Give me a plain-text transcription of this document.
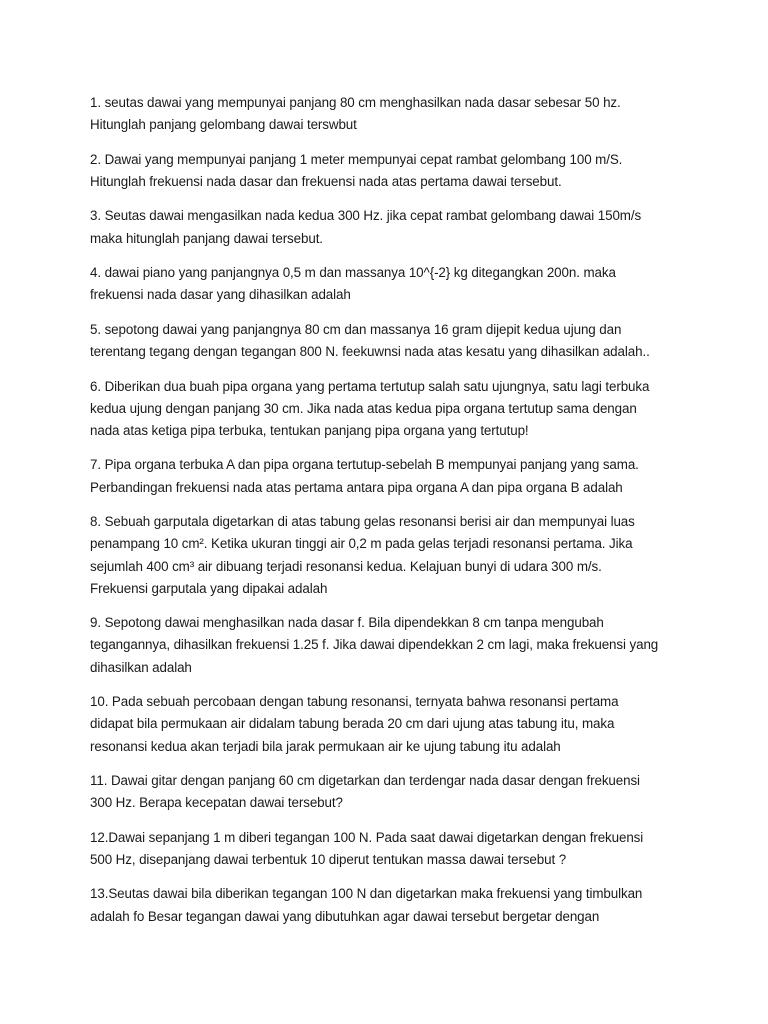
1. seutas dawai yang mempunyai panjang 80 cm menghasilkan nada dasar sebesar 50 hz.
Hitunglah panjang gelombang dawai terswbut
2. Dawai yang mempunyai panjang 1 meter mempunyai cepat rambat gelombang 100 m/S.
Hitunglah frekuensi nada dasar dan frekuensi nada atas pertama dawai tersebut.
3. Seutas dawai mengasilkan nada kedua 300 Hz. jika cepat rambat gelombang dawai 150m/s
maka hitunglah panjang dawai tersebut.
4. dawai piano yang panjangnya 0,5 m dan massanya 10^{-2} kg ditegangkan 200n. maka
frekuensi nada dasar yang dihasilkan adalah
5. sepotong dawai yang panjangnya 80 cm dan massanya 16 gram dijepit kedua ujung dan
terentang tegang dengan tegangan 800 N. feekuwnsi nada atas kesatu yang dihasilkan adalah..
6. Diberikan dua buah pipa organa yang pertama tertutup salah satu ujungnya, satu lagi terbuka
kedua ujung dengan panjang 30 cm. Jika nada atas kedua pipa organa tertutup sama dengan
nada atas ketiga pipa terbuka, tentukan panjang pipa organa yang tertutup!
7. Pipa organa terbuka A dan pipa organa tertutup-sebelah B mempunyai panjang yang sama.
Perbandingan frekuensi nada atas pertama antara pipa organa A dan pipa organa B adalah
8. Sebuah garputala digetarkan di atas tabung gelas resonansi berisi air dan mempunyai luas
penampang 10 cm². Ketika ukuran tinggi air 0,2 m pada gelas terjadi resonansi pertama. Jika
sejumlah 400 cm³ air dibuang terjadi resonansi kedua. Kelajuan bunyi di udara 300 m/s.
Frekuensi garputala yang dipakai adalah
9. Sepotong dawai menghasilkan nada dasar f. Bila dipendekkan 8 cm tanpa mengubah
tegangannya, dihasilkan frekuensi 1.25 f. Jika dawai dipendekkan 2 cm lagi, maka frekuensi yang
dihasilkan adalah
10. Pada sebuah percobaan dengan tabung resonansi, ternyata bahwa resonansi pertama
didapat bila permukaan air didalam tabung berada 20 cm dari ujung atas tabung itu, maka
resonansi kedua akan terjadi bila jarak permukaan air ke ujung tabung itu adalah
11. Dawai gitar dengan panjang 60 cm digetarkan dan terdengar nada dasar dengan frekuensi
300 Hz. Berapa kecepatan dawai tersebut?
12.Dawai sepanjang 1 m diberi tegangan 100 N. Pada saat dawai digetarkan dengan frekuensi
500 Hz, disepanjang dawai terbentuk 10 diperut tentukan massa dawai tersebut ?
13.Seutas dawai bila diberikan tegangan 100 N dan digetarkan maka frekuensi yang timbulkan
adalah fo Besar tegangan dawai yang dibutuhkan agar dawai tersebut bergetar dengan
